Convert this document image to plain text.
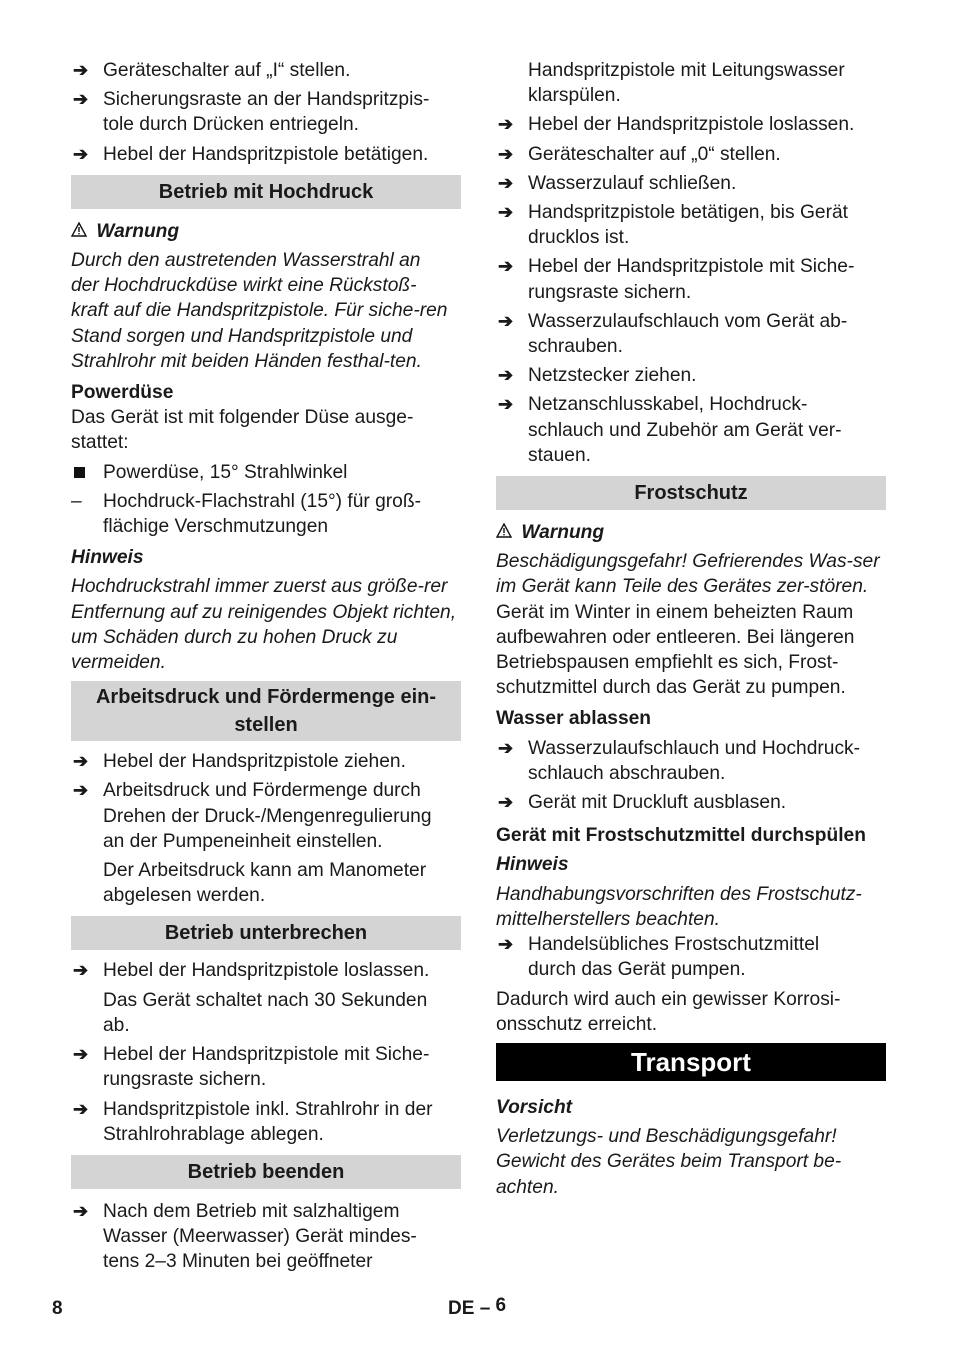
➔ Geräteschalter auf „I“ stellen.
➔ Sicherungsraste an der Handspritzpis-
tole durch Drücken entriegeln.
➔ Hebel der Handspritzpistole betätigen.
Betrieb mit Hochdruck
Warnung

Durch den austretenden Wasserstrahl an der Hochdruckdüse wirkt eine Rückstoß-kraft auf die Handspritzpistole. Für siche-ren Stand sorgen und Handspritzpistole und Strahlrohr mit beiden Händen festhal-ten.

Powerdüse

Das Gerät ist mit folgender Düse ausge-stattet:

Powerdüse, 15° Strahlwinkel
– Hochdruck-Flachstrahl (15°) für groß-flächige Verschmutzungen

Hinweis

Hochdruckstrahl immer zuerst aus größe-rer Entfernung auf zu reinigendes Objekt richten, um Schäden durch zu hohen Druck zu vermeiden.

Arbeitsdruck und Fördermenge ein-
stellen
➔ Hebel der Handspritzpistole ziehen.
➔ Arbeitsdruck und Fördermenge durch Drehen der Druck-/Mengenregulierung an der Pumpeneinheit einstellen.

Der Arbeitsdruck kann am Manometer abgelesen werden.

Betrieb unterbrechen
➔ Hebel der Handspritzpistole loslassen.

Das Gerät schaltet nach 30 Sekunden ab.

➔ Hebel der Handspritzpistole mit Siche-rungsraste sichern.
➔ Handspritzpistole inkl. Strahlrohr in der Strahlrohrablage ablegen.
Betrieb beenden
➔ Nach dem Betrieb mit salzhaltigem Wasser (Meerwasser) Gerät mindes-tens 2–3 Minuten bei geöffneter

Handspritzpistole mit Leitungswasser klarspülen.

➔ Hebel der Handspritzpistole loslassen.
➔ Geräteschalter auf „0“ stellen.
➔ Wasserzulauf schließen.
➔ Handspritzpistole betätigen, bis Gerät drucklos ist.
➔ Hebel der Handspritzpistole mit Siche-rungsraste sichern.
➔ Wasserzulaufschlauch vom Gerät ab-schrauben.
➔ Netzstecker ziehen.
➔ Netzanschlusskabel, Hochdruck-schlauch und Zubehör am Gerät ver-stauen.
Frostschutz
Warnung

Beschädigungsgefahr! Gefrierendes Was-ser im Gerät kann Teile des Gerätes zer-stören.

Gerät im Winter in einem beheizten Raum aufbewahren oder entleeren. Bei längeren Betriebspausen empfiehlt es sich, Frost-schutzmittel durch das Gerät zu pumpen.

Wasser ablassen

➔ Wasserzulaufschlauch und Hochdruck-schlauch abschrauben.
➔ Gerät mit Druckluft ausblasen.

Gerät mit Frostschutzmittel durchspülen

Hinweis

Handhabungsvorschriften des Frostschutz-mittelherstellers beachten.

➔ Handelsübliches Frostschutzmittel durch das Gerät pumpen.

Dadurch wird auch ein gewisser Korrosi-onsschutz erreicht.

Transport

Vorsicht

Verletzungs- und Beschädigungsgefahr! Gewicht des Gerätes beim Transport be-achten.

8	DE – 6
